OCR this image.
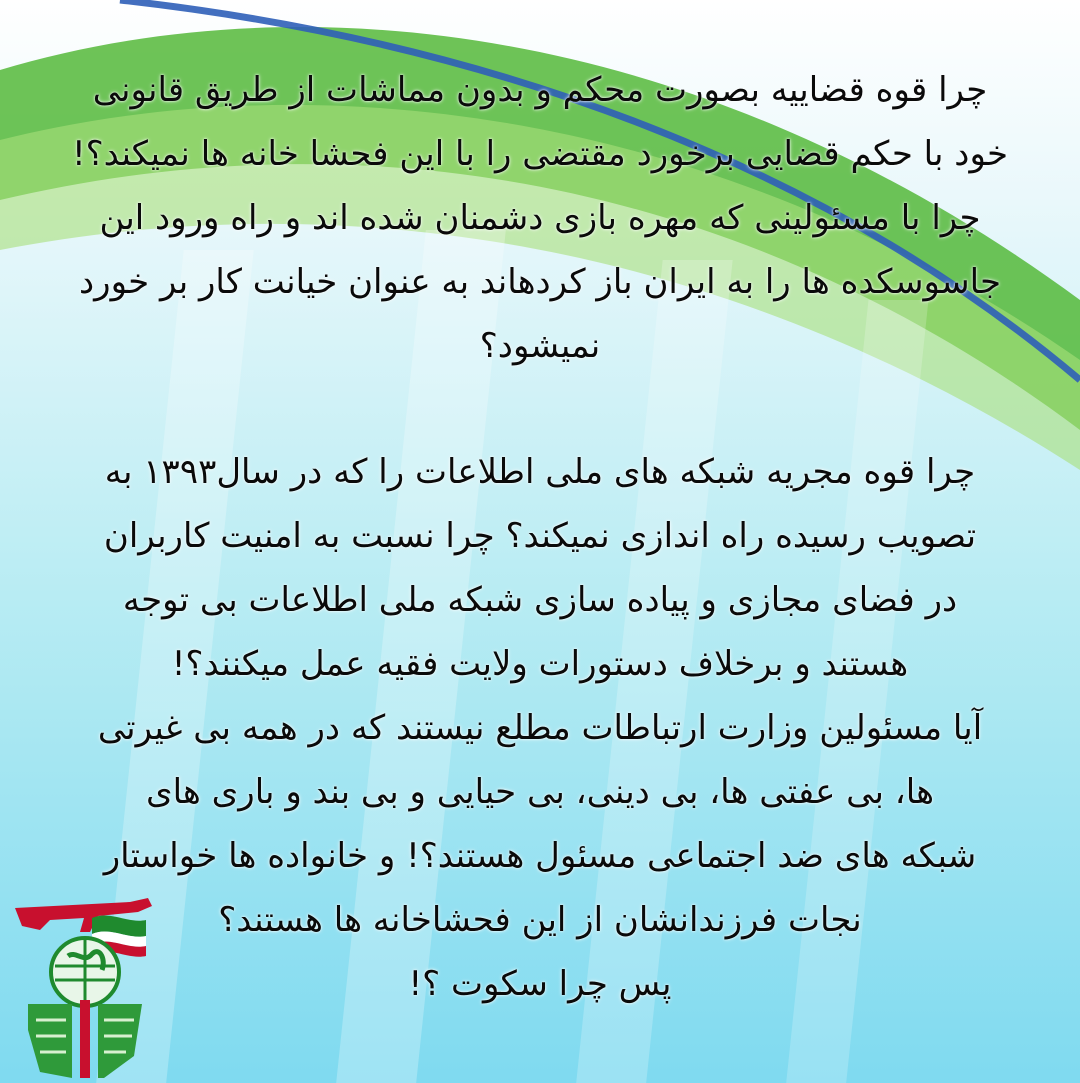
چرا قوه قضاییه بصورت محکم و بدون مماشات از طریق قانونی
خود با حکم قضایی برخورد مقتضی را با این فحشا خانه ها نمیکند؟!
چرا با مسئولینی که مهره بازی دشمنان شده اند و راه ورود این
جاسوسکده ها را به ایران باز کردهاند به عنوان خیانت کار بر خورد
نمیشود؟
چرا قوه مجریه شبکه های ملی اطلاعات را که در سال۱۳۹۳ به
تصویب رسیده راه اندازی نمیکند؟ چرا نسبت به امنیت کاربران
در فضای مجازی و پیاده سازی شبکه ملی اطلاعات بی توجه
هستند و برخلاف دستورات ولایت فقیه عمل میکنند؟!
آیا مسئولین وزارت ارتباطات مطلع نیستند که در همه بی غیرتی
ها، بی عفتی ها، بی دینی، بی حیایی و بی بند و باری های
شبکه های ضد اجتماعی مسئول هستند؟! و خانواده ها خواستار
نجات فرزندانشان از این فحشاخانه ها هستند؟
پس چرا سکوت ؟!
